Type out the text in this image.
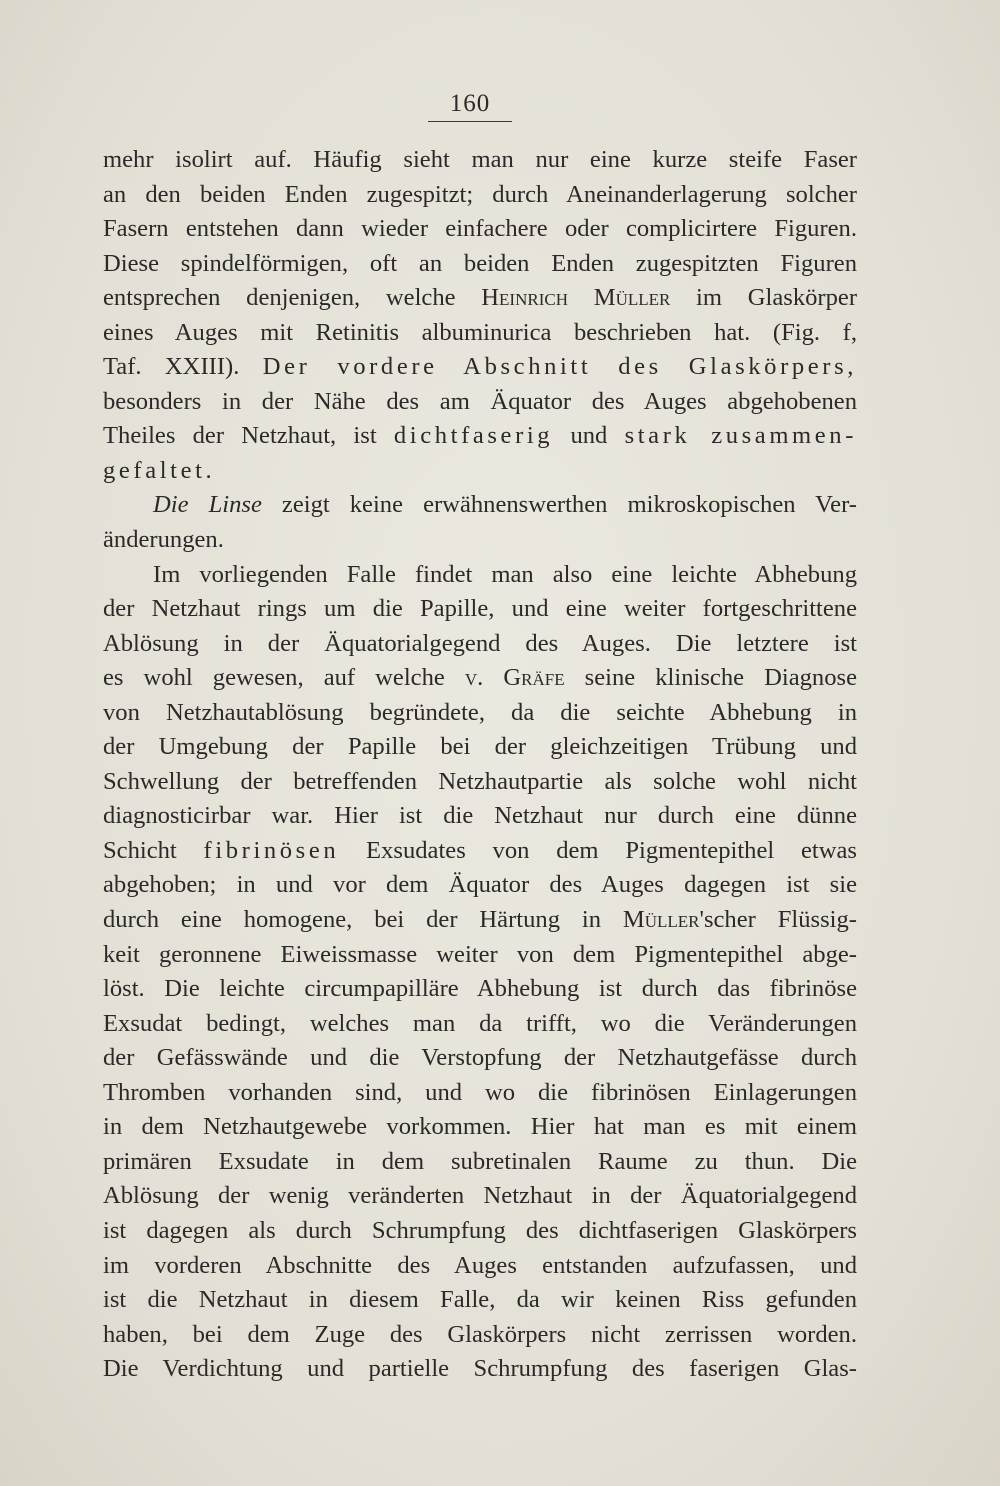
160
mehr isolirt auf. Häufig sieht man nur eine kurze steife Faser
an den beiden Enden zugespitzt; durch Aneinanderlagerung solcher
Fasern entstehen dann wieder einfachere oder complicirtere Figuren.
Diese spindelförmigen, oft an beiden Enden zugespitzten Figuren
entsprechen denjenigen, welche Heinrich Müller im Glaskörper
eines Auges mit Retinitis albuminurica beschrieben hat. (Fig. f,
Taf. XXIII). Der vordere Abschnitt des Glaskörpers,
besonders in der Nähe des am Äquator des Auges abgehobenen
Theiles der Netzhaut, ist dichtfaserig und stark zusammen-
gefaltet.
Die Linse zeigt keine erwähnenswerthen mikroskopischen Ver-
änderungen.
Im vorliegenden Falle findet man also eine leichte Abhebung
der Netzhaut rings um die Papille, und eine weiter fortgeschrittene
Ablösung in der Äquatorialgegend des Auges. Die letztere ist
es wohl gewesen, auf welche v. Gräfe seine klinische Diagnose
von Netzhautablösung begründete, da die seichte Abhebung in
der Umgebung der Papille bei der gleichzeitigen Trübung und
Schwellung der betreffenden Netzhautpartie als solche wohl nicht
diagnosticirbar war. Hier ist die Netzhaut nur durch eine dünne
Schicht fibrinösen Exsudates von dem Pigmentepithel etwas
abgehoben; in und vor dem Äquator des Auges dagegen ist sie
durch eine homogene, bei der Härtung in Müller'scher Flüssig-
keit geronnene Eiweissmasse weiter von dem Pigmentepithel abge-
löst. Die leichte circumpapilläre Abhebung ist durch das fibrinöse
Exsudat bedingt, welches man da trifft, wo die Veränderungen
der Gefässwände und die Verstopfung der Netzhautgefässe durch
Thromben vorhanden sind, und wo die fibrinösen Einlagerungen
in dem Netzhautgewebe vorkommen. Hier hat man es mit einem
primären Exsudate in dem subretinalen Raume zu thun. Die
Ablösung der wenig veränderten Netzhaut in der Äquatorialgegend
ist dagegen als durch Schrumpfung des dichtfaserigen Glaskörpers
im vorderen Abschnitte des Auges entstanden aufzufassen, und
ist die Netzhaut in diesem Falle, da wir keinen Riss gefunden
haben, bei dem Zuge des Glaskörpers nicht zerrissen worden.
Die Verdichtung und partielle Schrumpfung des faserigen Glas-
